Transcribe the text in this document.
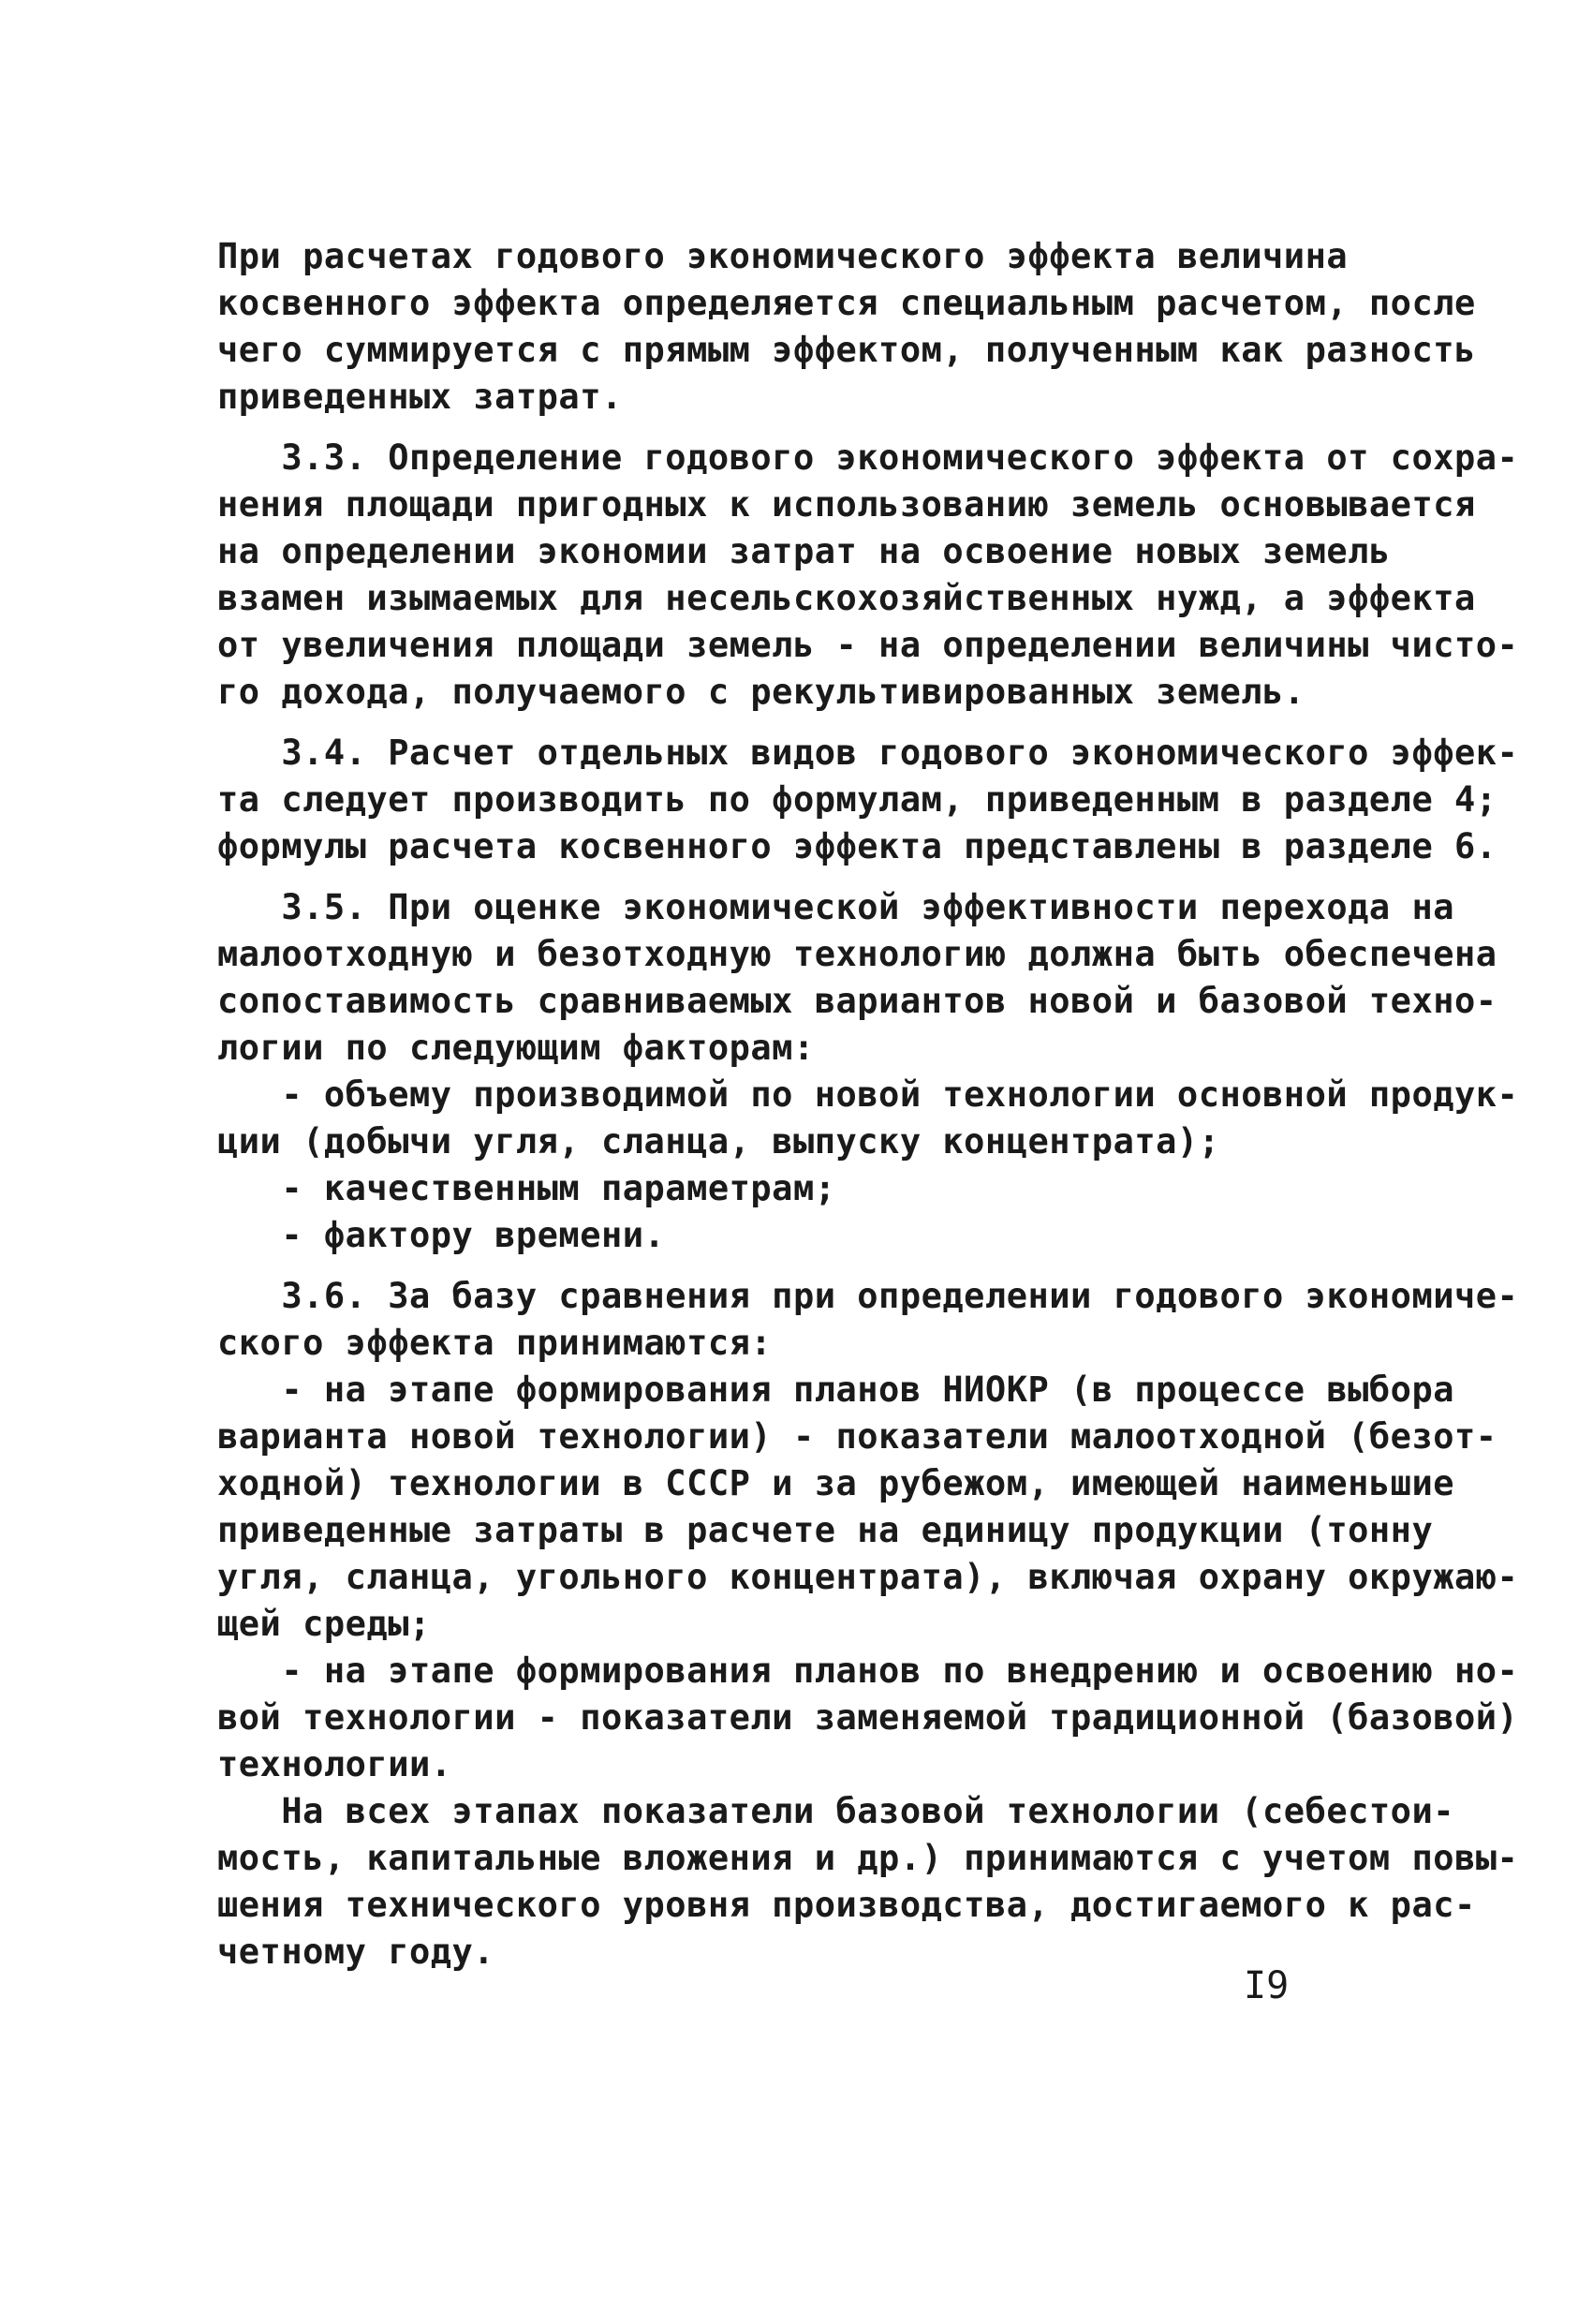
При расчетах годового экономического эффекта величина
косвенного эффекта определяется специальным расчетом, после
чего суммируется с прямым эффектом, полученным как разность
приведенных затрат.
3.3. Определение годового экономического эффекта от сохра-
нения площади пригодных к использованию земель основывается
на определении экономии затрат на освоение новых земель
взамен изымаемых для несельскохозяйственных нужд, а эффекта
от увеличения площади земель - на определении величины чисто-
го дохода, получаемого с рекультивированных земель.
3.4. Расчет отдельных видов годового экономического эффек-
та следует производить по формулам, приведенным в разделе 4;
формулы расчета косвенного эффекта представлены в разделе 6.
3.5. При оценке экономической эффективности перехода на
малоотходную и безотходную технологию должна быть обеспечена
сопоставимость сравниваемых вариантов новой и базовой техно-
логии по следующим факторам:
- объему производимой по новой технологии основной продук-
ции (добычи угля, сланца, выпуску концентрата);
- качественным параметрам;
- фактору времени.
3.6. За базу сравнения при определении годового экономиче-
ского эффекта принимаются:
- на этапе формирования планов НИОКР (в процессе выбора
варианта новой технологии) - показатели малоотходной (безот-
ходной) технологии в СССР и за рубежом, имеющей наименьшие
приведенные затраты в расчете на единицу продукции (тонну
угля, сланца, угольного концентрата), включая охрану окружаю-
щей среды;
- на этапе формирования планов по внедрению и освоению но-
вой технологии - показатели заменяемой традиционной (базовой)
технологии.
На всех этапах показатели базовой технологии (себестои-
мость, капитальные вложения и др.) принимаются с учетом повы-
шения технического уровня производства, достигаемого к рас-
четному году.
I9
